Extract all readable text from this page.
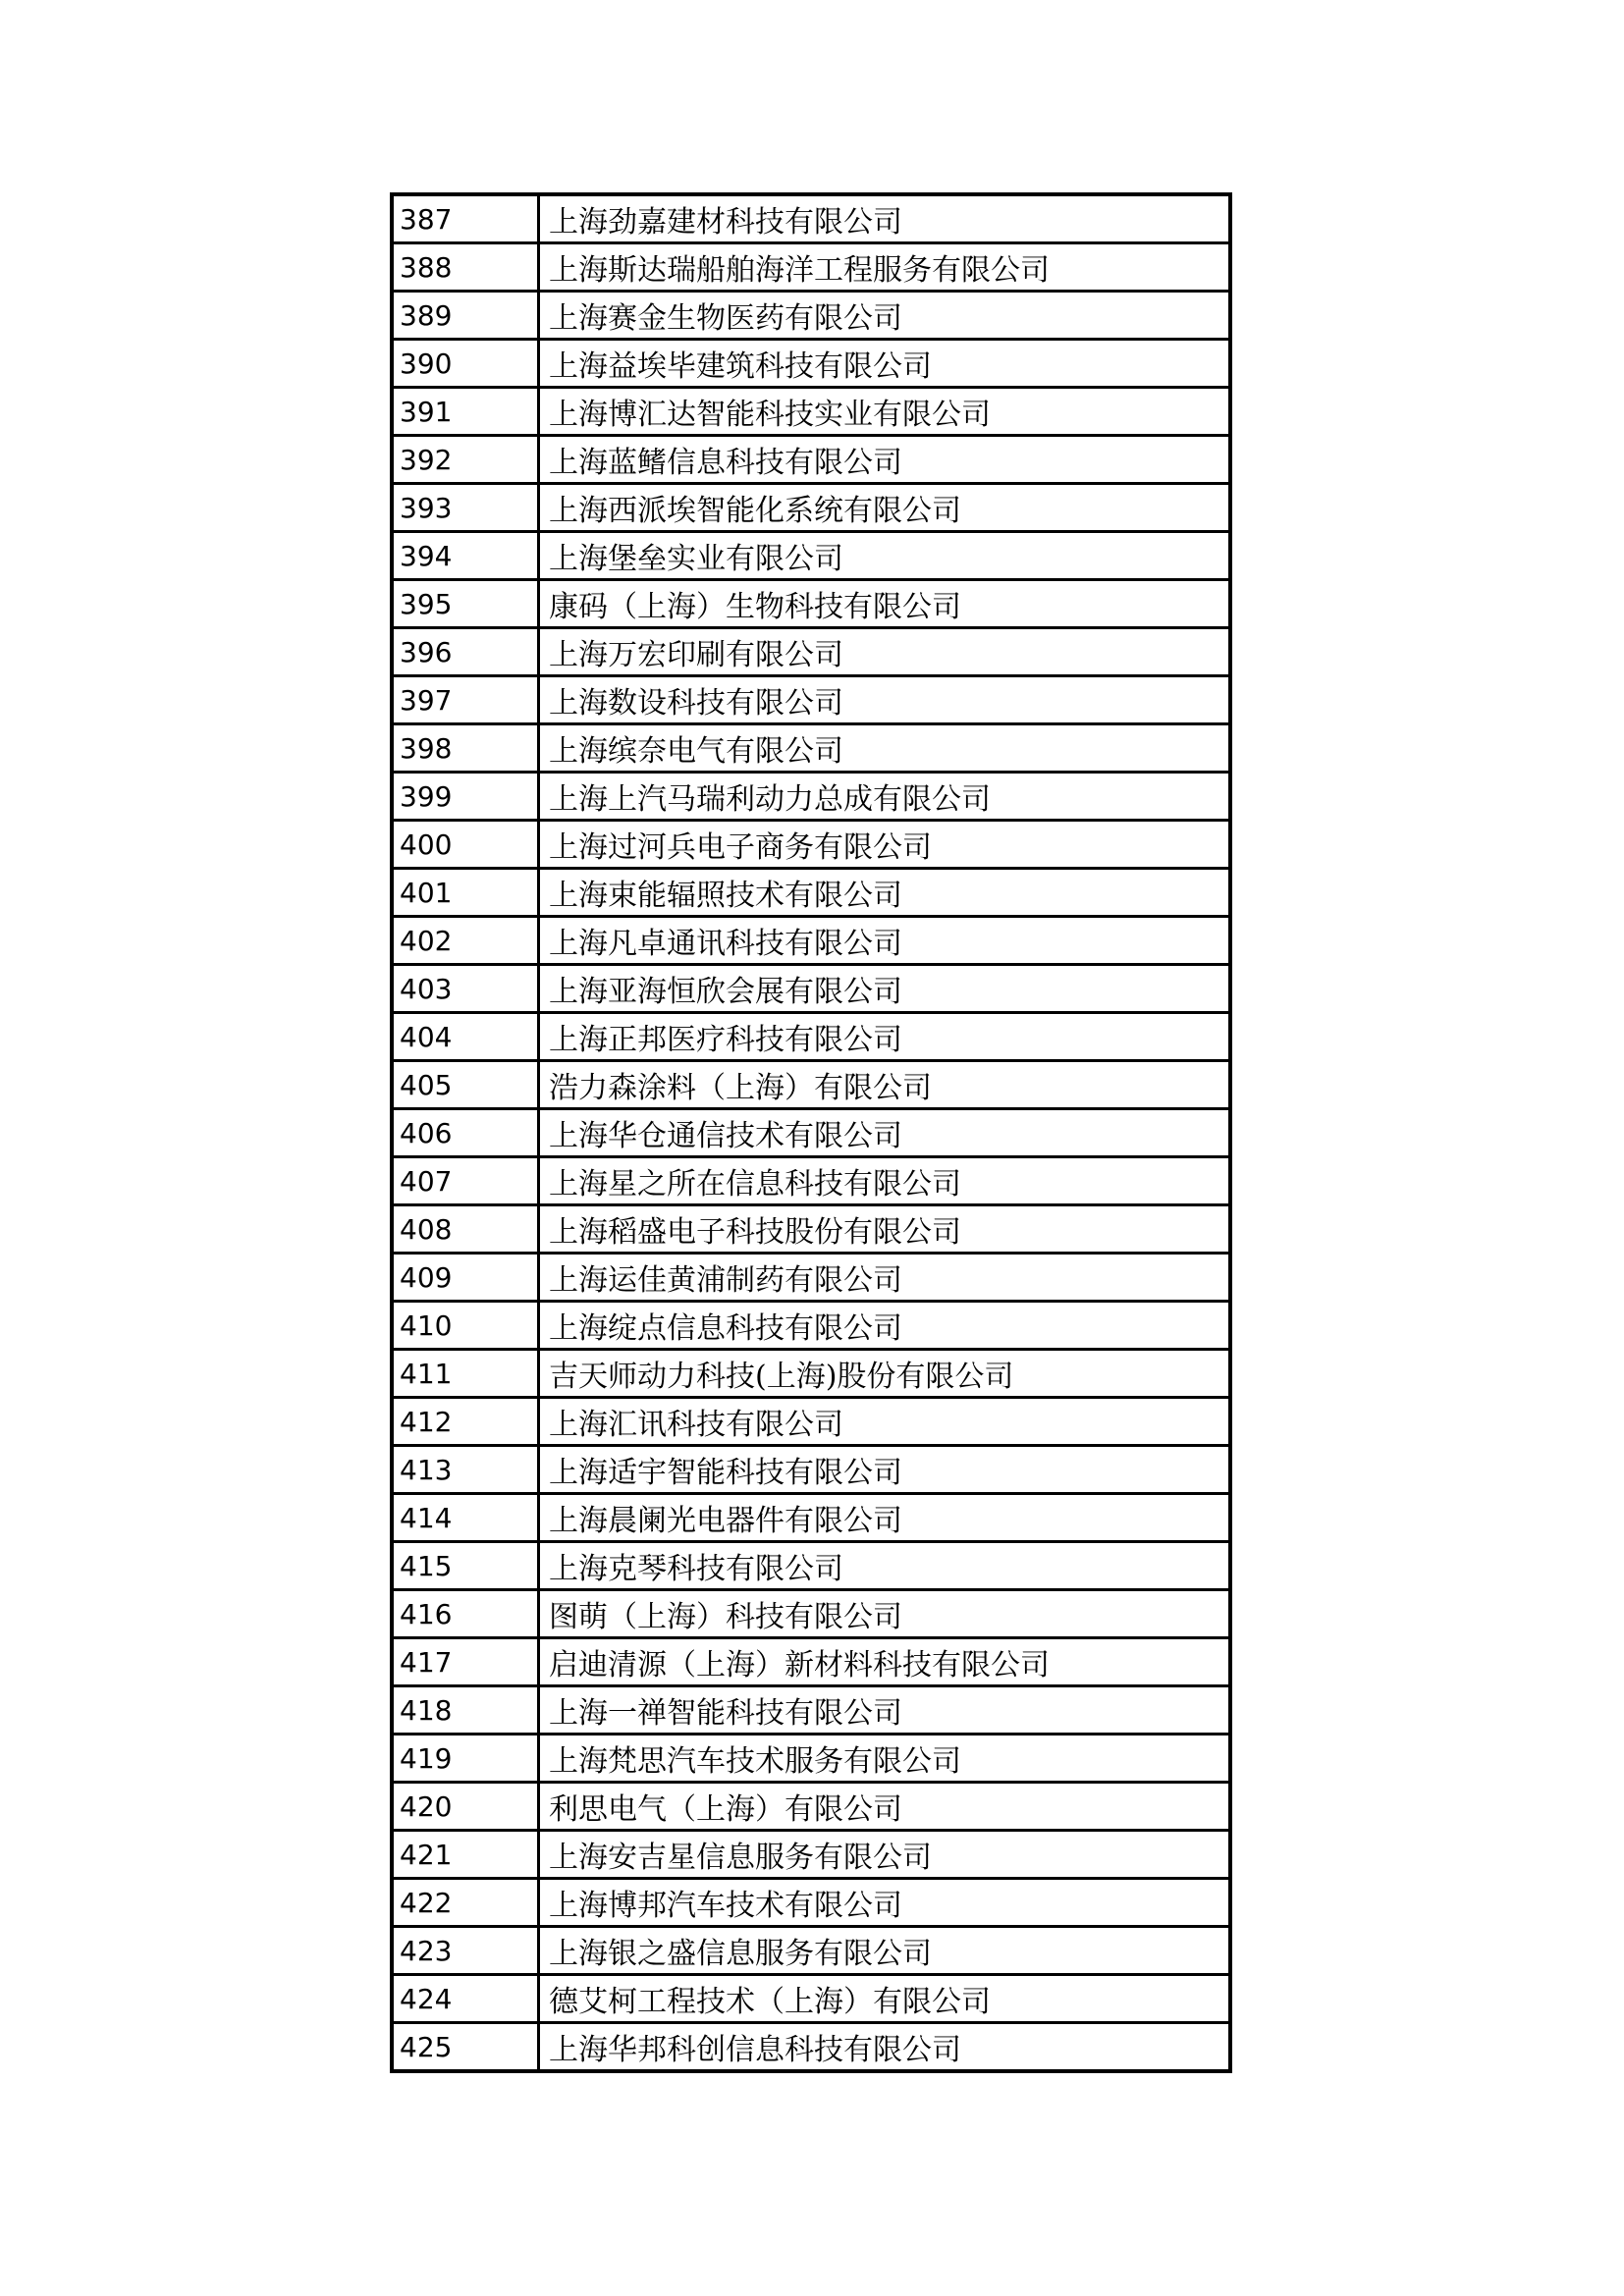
387	上海劲嘉建材科技有限公司
388	上海斯达瑞船舶海洋工程服务有限公司
389	上海赛金生物医药有限公司
390	上海益埃毕建筑科技有限公司
391	上海博汇达智能科技实业有限公司
392	上海蓝鳍信息科技有限公司
393	上海西派埃智能化系统有限公司
394	上海堡垒实业有限公司
395	康码（上海）生物科技有限公司
396	上海万宏印刷有限公司
397	上海数设科技有限公司
398	上海缤奈电气有限公司
399	上海上汽马瑞利动力总成有限公司
400	上海过河兵电子商务有限公司
401	上海束能辐照技术有限公司
402	上海凡卓通讯科技有限公司
403	上海亚海恒欣会展有限公司
404	上海正邦医疗科技有限公司
405	浩力森涂料（上海）有限公司
406	上海华仓通信技术有限公司
407	上海星之所在信息科技有限公司
408	上海稻盛电子科技股份有限公司
409	上海运佳黄浦制药有限公司
410	上海绽点信息科技有限公司
411	吉天师动力科技(上海)股份有限公司
412	上海汇讯科技有限公司
413	上海适宇智能科技有限公司
414	上海晨阑光电器件有限公司
415	上海克琴科技有限公司
416	图萌（上海）科技有限公司
417	启迪清源（上海）新材料科技有限公司
418	上海一禅智能科技有限公司
419	上海梵思汽车技术服务有限公司
420	利思电气（上海）有限公司
421	上海安吉星信息服务有限公司
422	上海博邦汽车技术有限公司
423	上海银之盛信息服务有限公司
424	德艾柯工程技术（上海）有限公司
425	上海华邦科创信息科技有限公司
